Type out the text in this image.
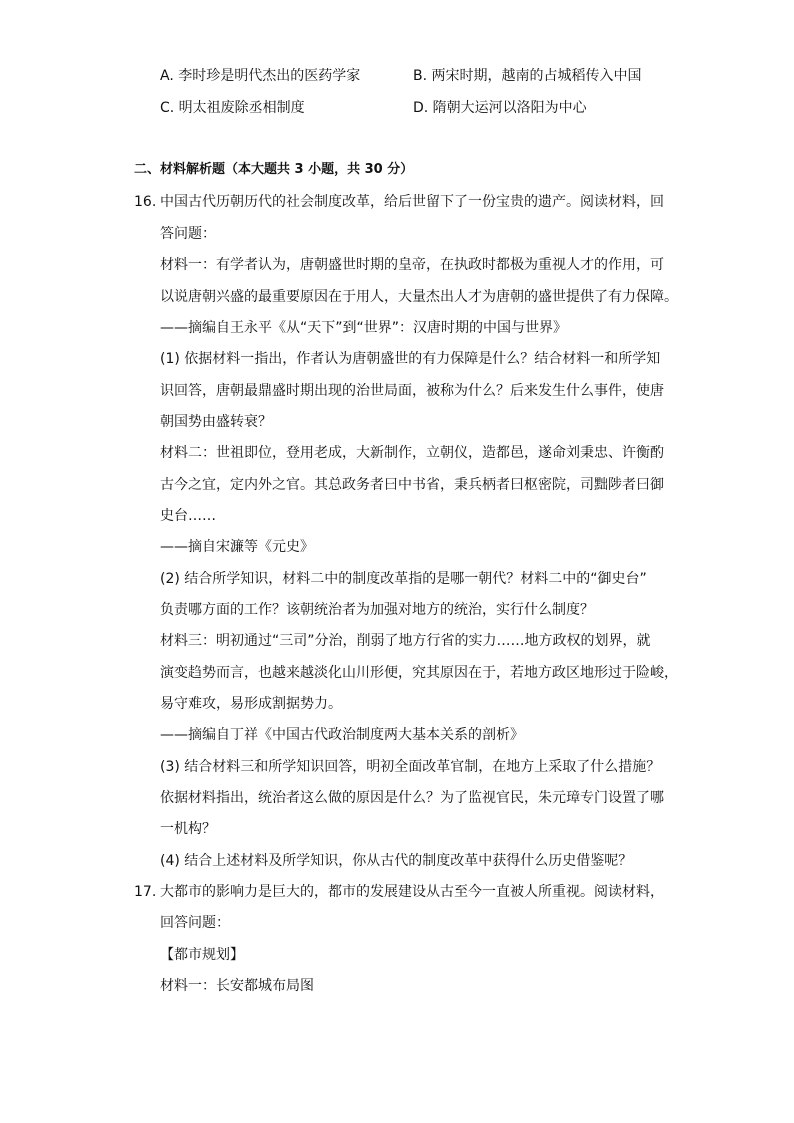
A. 李时珍是明代杰出的医药学家	B. 两宋时期，越南的占城稻传入中国
C. 明太祖废除丞相制度	D. 隋朝大运河以洛阳为中心
二、材料解析题（本大题共 3 小题，共 30 分）
16. 中国古代历朝历代的社会制度改革，给后世留下了一份宝贵的遗产。阅读材料，回
答问题：
材料一：有学者认为，唐朝盛世时期的皇帝，在执政时都极为重视人才的作用，可
以说唐朝兴盛的最重要原因在于用人，大量杰出人才为唐朝的盛世提供了有力保障。
——摘编自王永平《从“天下”到“世界”：汉唐时期的中国与世界》
(1) 依据材料一指出，作者认为唐朝盛世的有力保障是什么？结合材料一和所学知
识回答，唐朝最鼎盛时期出现的治世局面，被称为什么？后来发生什么事件，使唐
朝国势由盛转衰？
材料二：世祖即位，登用老成，大新制作，立朝仪，造都邑，遂命刘秉忠、许衡酌
古今之宜，定内外之官。其总政务者曰中书省，秉兵柄者曰枢密院，司黜陟者曰御
史台……
——摘自宋濂等《元史》
(2) 结合所学知识，材料二中的制度改革指的是哪一朝代？材料二中的“御史台”
负责哪方面的工作？该朝统治者为加强对地方的统治，实行什么制度？
材料三：明初通过“三司”分治，削弱了地方行省的实力……地方政权的划界，就
演变趋势而言，也越来越淡化山川形便，究其原因在于，若地方政区地形过于险峻，
易守难攻，易形成割据势力。
——摘编自丁祥《中国古代政治制度两大基本关系的剖析》
(3) 结合材料三和所学知识回答，明初全面改革官制，在地方上采取了什么措施？
依据材料指出，统治者这么做的原因是什么？为了监视官民，朱元璋专门设置了哪
一机构？
(4) 结合上述材料及所学知识，你从古代的制度改革中获得什么历史借鉴呢？
17. 大都市的影响力是巨大的，都市的发展建设从古至今一直被人所重视。阅读材料，
回答问题：
【都市规划】
材料一：长安都城布局图
